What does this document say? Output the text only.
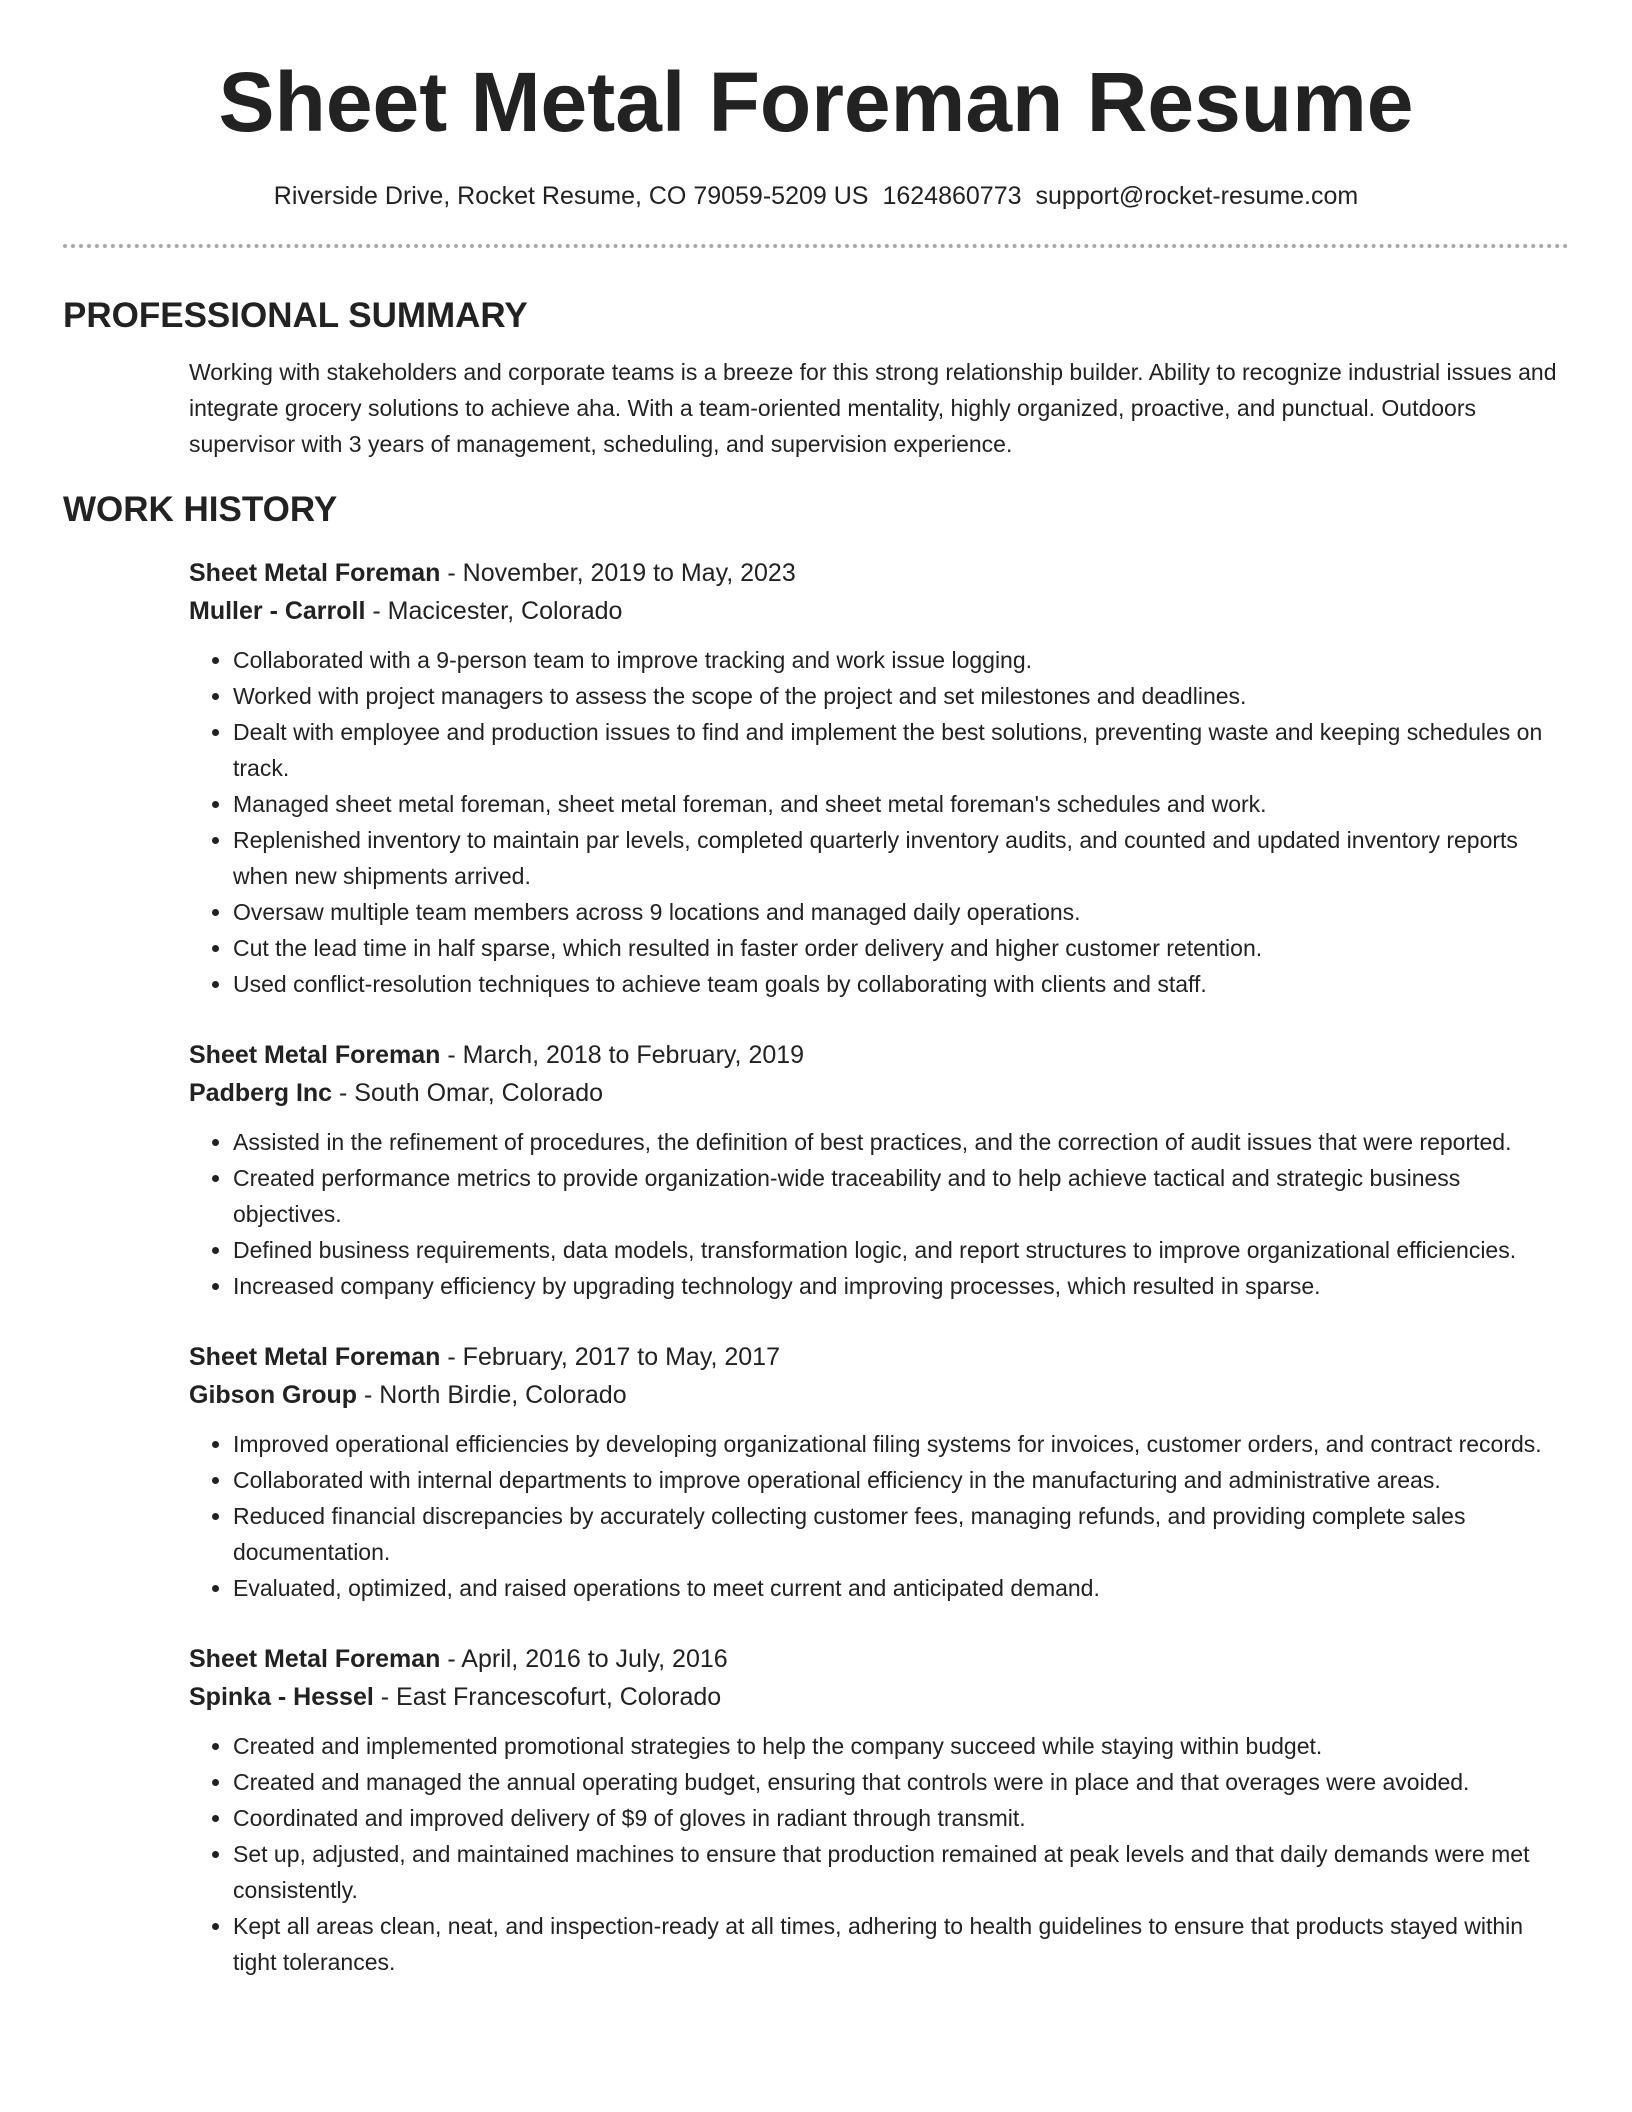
Sheet Metal Foreman Resume
Riverside Drive, Rocket Resume, CO 79059-5209 US 1624860773 support@rocket-resume.com
PROFESSIONAL SUMMARY

Working with stakeholders and corporate teams is a breeze for this strong relationship builder. Ability to recognize industrial issues and integrate grocery solutions to achieve aha. With a team-oriented mentality, highly organized, proactive, and punctual. Outdoors supervisor with 3 years of management, scheduling, and supervision experience.

WORK HISTORY
Sheet Metal Foreman - November, 2019 to May, 2023
Muller - Carroll - Macicester, Colorado
• Collaborated with a 9-person team to improve tracking and work issue logging.
• Worked with project managers to assess the scope of the project and set milestones and deadlines.
• Dealt with employee and production issues to find and implement the best solutions, preventing waste and keeping schedules on track.
• Managed sheet metal foreman, sheet metal foreman, and sheet metal foreman's schedules and work.
• Replenished inventory to maintain par levels, completed quarterly inventory audits, and counted and updated inventory reports when new shipments arrived.
• Oversaw multiple team members across 9 locations and managed daily operations.
• Cut the lead time in half sparse, which resulted in faster order delivery and higher customer retention.
• Used conflict-resolution techniques to achieve team goals by collaborating with clients and staff.
Sheet Metal Foreman - March, 2018 to February, 2019
Padberg Inc - South Omar, Colorado
• Assisted in the refinement of procedures, the definition of best practices, and the correction of audit issues that were reported.
• Created performance metrics to provide organization-wide traceability and to help achieve tactical and strategic business objectives.
• Defined business requirements, data models, transformation logic, and report structures to improve organizational efficiencies.
• Increased company efficiency by upgrading technology and improving processes, which resulted in sparse.
Sheet Metal Foreman - February, 2017 to May, 2017
Gibson Group - North Birdie, Colorado
• Improved operational efficiencies by developing organizational filing systems for invoices, customer orders, and contract records.
• Collaborated with internal departments to improve operational efficiency in the manufacturing and administrative areas.
• Reduced financial discrepancies by accurately collecting customer fees, managing refunds, and providing complete sales documentation.
• Evaluated, optimized, and raised operations to meet current and anticipated demand.
Sheet Metal Foreman - April, 2016 to July, 2016
Spinka - Hessel - East Francescofurt, Colorado
• Created and implemented promotional strategies to help the company succeed while staying within budget.
• Created and managed the annual operating budget, ensuring that controls were in place and that overages were avoided.
• Coordinated and improved delivery of $9 of gloves in radiant through transmit.
• Set up, adjusted, and maintained machines to ensure that production remained at peak levels and that daily demands were met consistently.
• Kept all areas clean, neat, and inspection-ready at all times, adhering to health guidelines to ensure that products stayed within tight tolerances.
